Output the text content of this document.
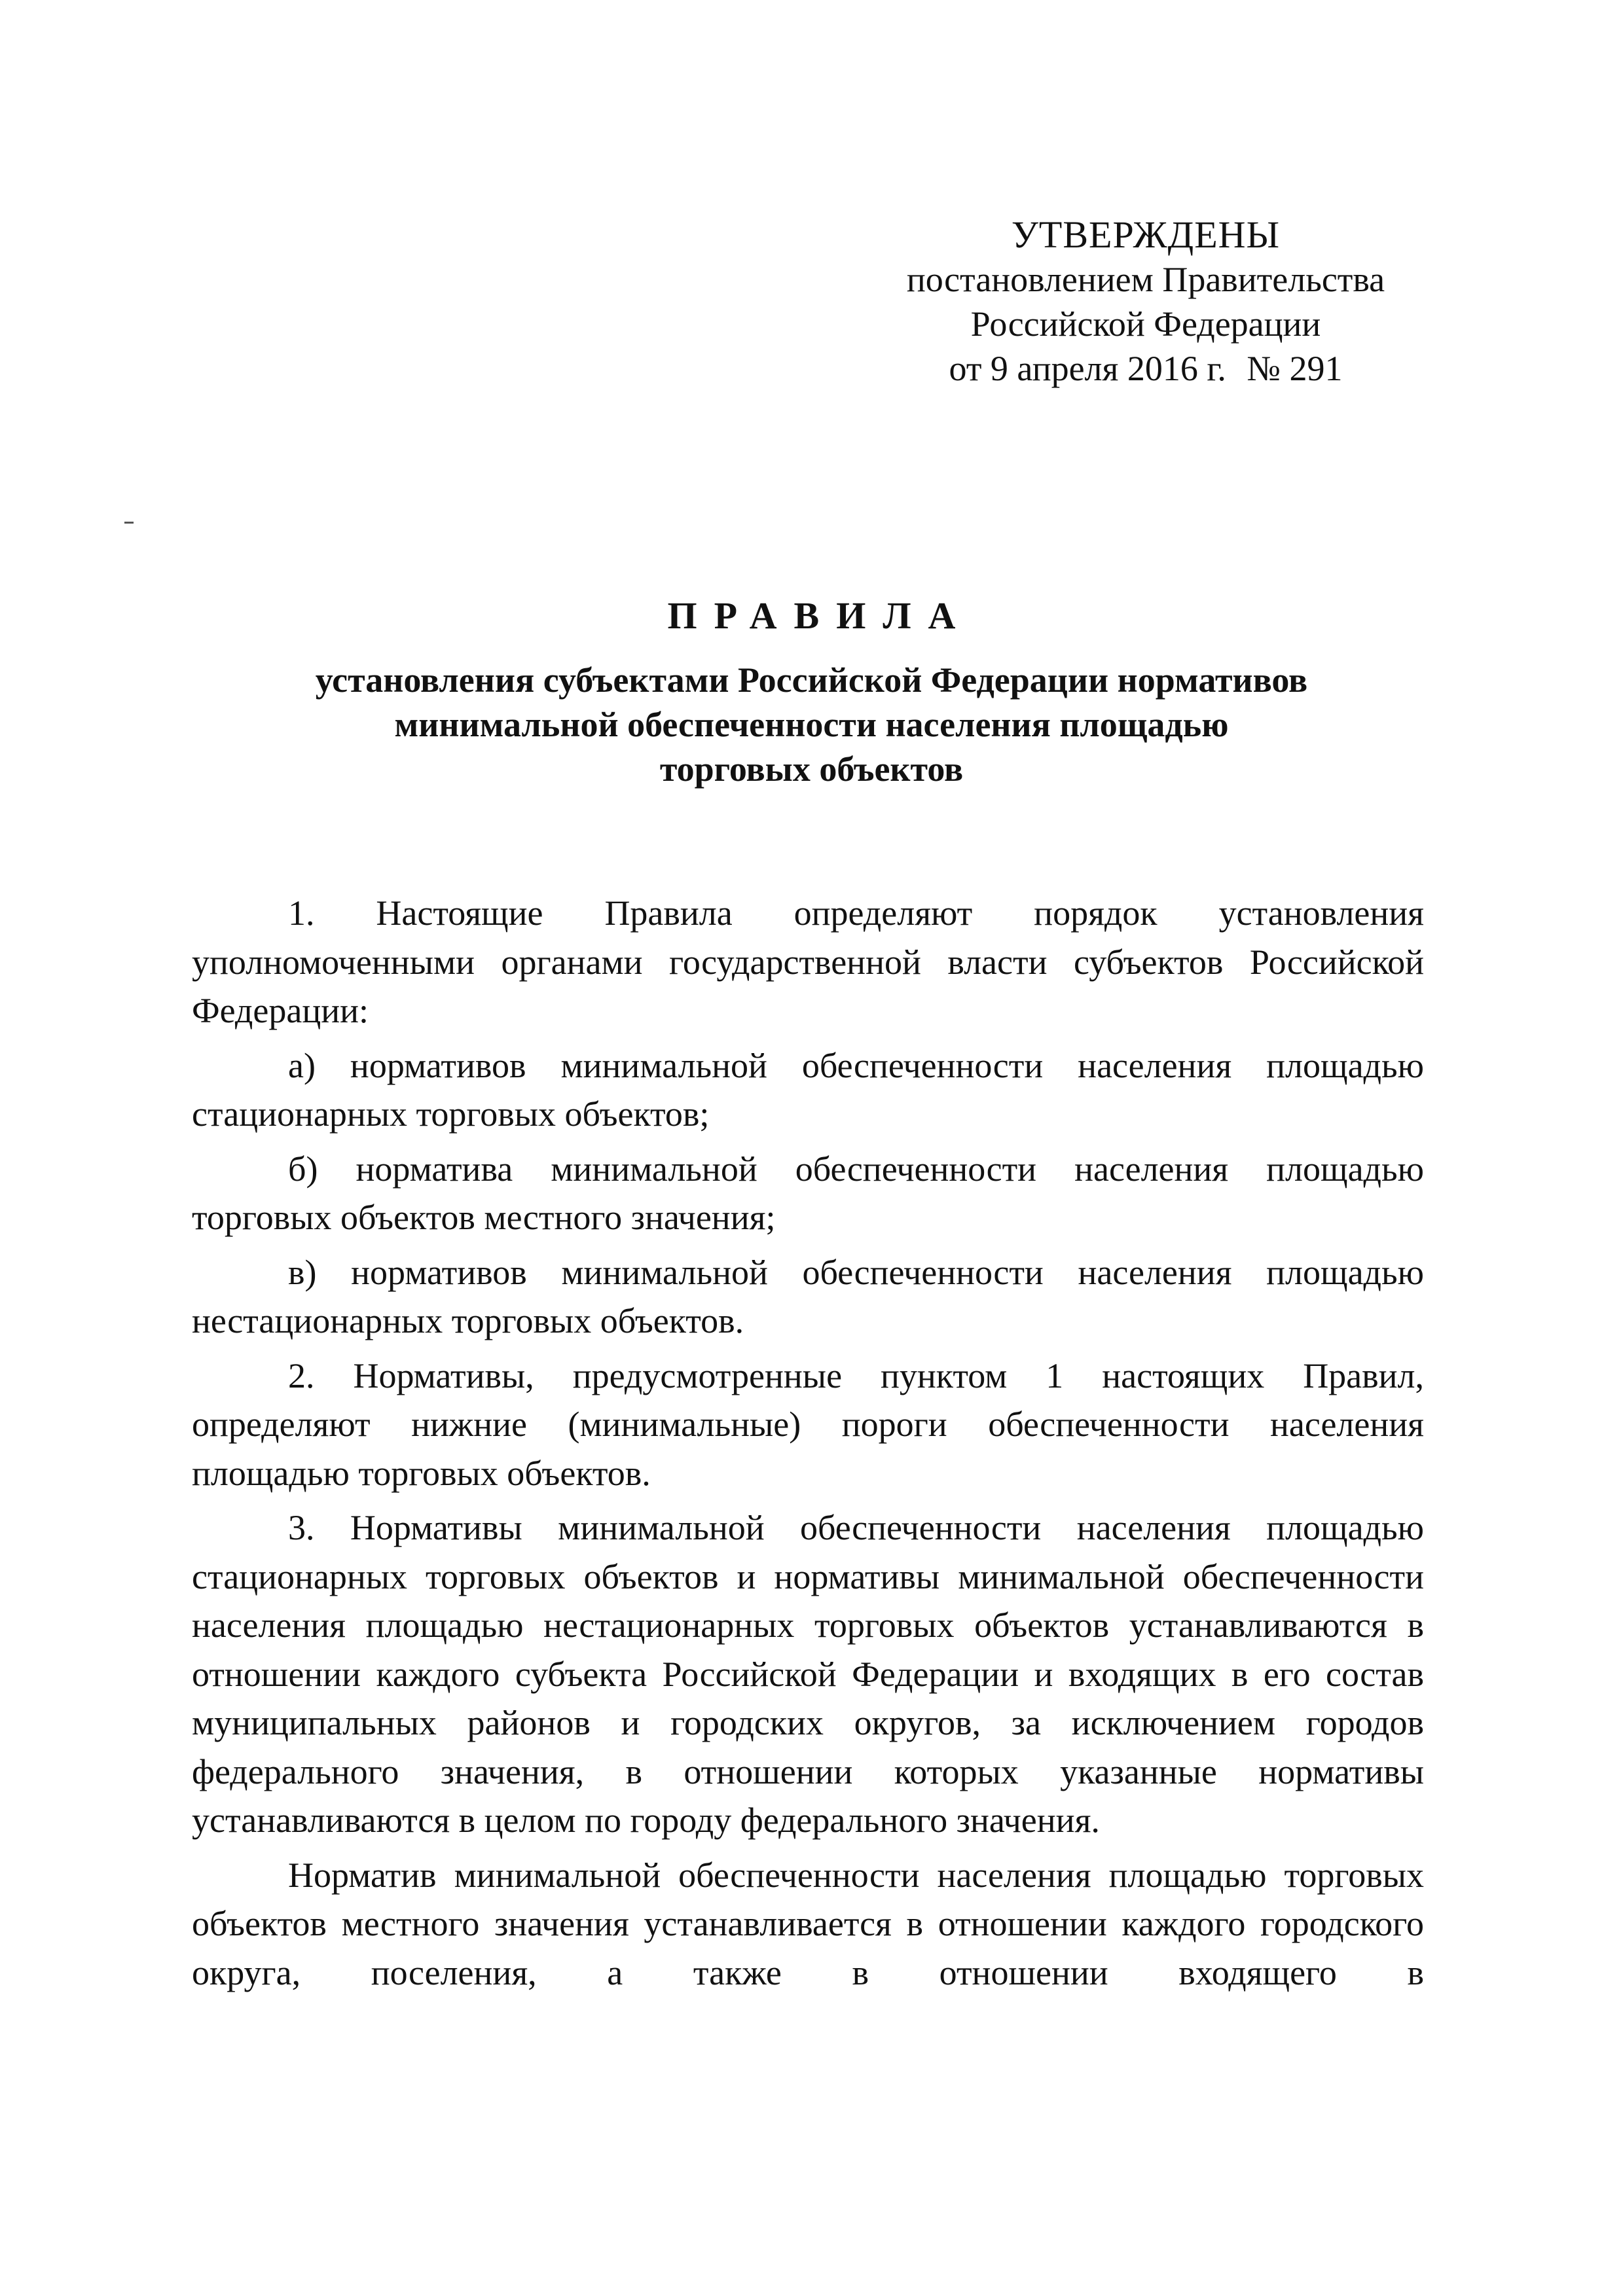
УТВЕРЖДЕНЫ
постановлением Правительства
Российской Федерации
от 9 апреля 2016 г. № 291
ПРАВИЛА
установления субъектами Российской Федерации нормативов
минимальной обеспеченности населения площадью
торговых объектов

1. Настоящие Правила определяют порядок установления уполномоченными органами государственной власти субъектов Российской Федерации:

а) нормативов минимальной обеспеченности населения площадью стационарных торговых объектов;

б) норматива минимальной обеспеченности населения площадью торговых объектов местного значения;

в) нормативов минимальной обеспеченности населения площадью нестационарных торговых объектов.

2. Нормативы, предусмотренные пунктом 1 настоящих Правил, определяют нижние (минимальные) пороги обеспеченности населения площадью торговых объектов.

3. Нормативы минимальной обеспеченности населения площадью стационарных торговых объектов и нормативы минимальной обеспеченности населения площадью нестационарных торговых объектов устанавливаются в отношении каждого субъекта Российской Федерации и входящих в его состав муниципальных районов и городских округов, за исключением городов федерального значения, в отношении которых указанные нормативы устанавливаются в целом по городу федерального значения.

Норматив минимальной обеспеченности населения площадью торговых объектов местного значения устанавливается в отношении каждого городского округа, поселения, а также в отношении входящего в
